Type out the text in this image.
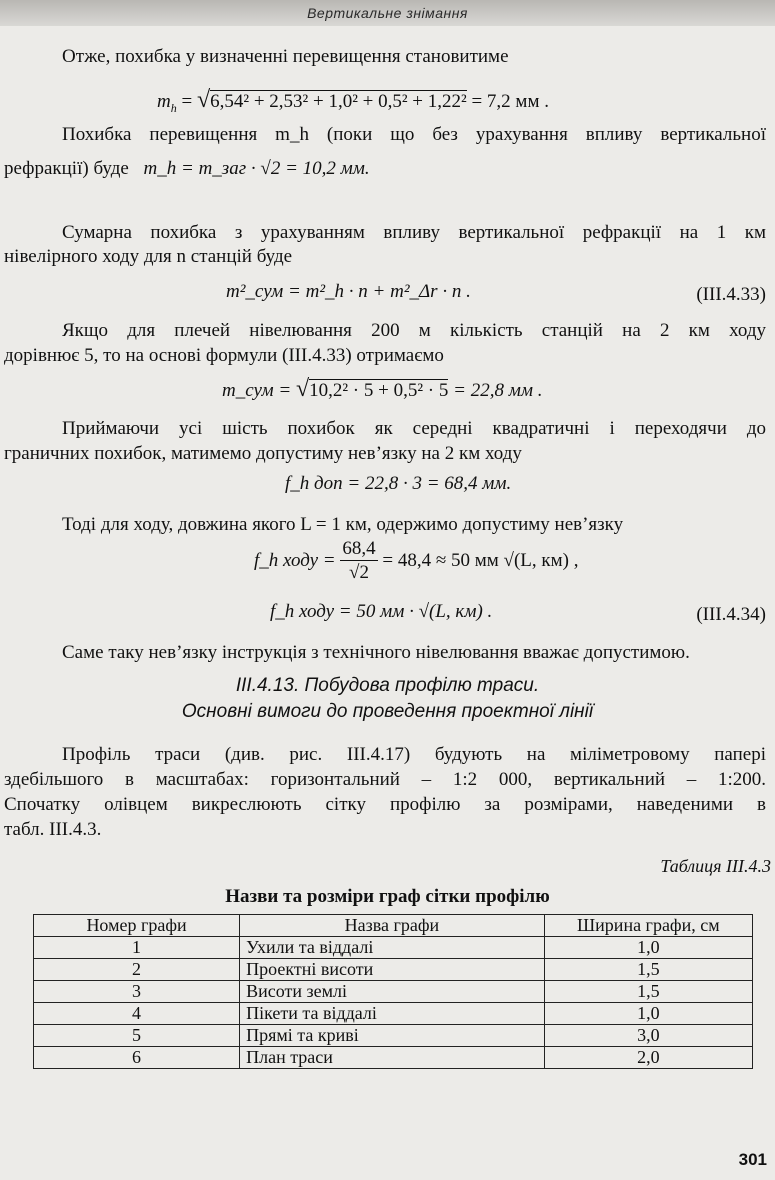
Вертикальне знімання
Отже, похибка у визначенні перевищення становитиме
$m_h = √6,54^2 + 2,53^2 + 1,0^2 + 0,5^2 + 1,22^2 = 7,2$ мм .
Похибка перевищення m_h (поки що без урахування впливу вертикальної
рефракції) буде m_h = m_заг · √2 = 10,2 мм.
Сумарна похибка з урахуванням впливу вертикальної рефракції на 1 км
нівелірного ходу для n станцій буде
m²_сум = m²_h · n + m²_Δr · n .	(III.4.33)
Якщо для плечей нівелювання 200 м кількість станцій на 2 км ходу
дорівнює 5, то на основі формули (III.4.33) отримаємо
m_сум = √10,2² · 5 + 0,5² · 5 = 22,8 мм .
Приймаючи усі шість похибок як середні квадратичні і переходячи до
граничних похибок, матимемо допустиму нев’язку на 2 км ходу
f_h доп = 22,8 · 3 = 68,4 мм.
Тоді для ходу, довжина якого L = 1 км, одержимо допустиму нев’язку
f_h ходу = $\frac{68,4}{√2} = 48,4 \approx 50$ мм √(L, км) ,
f_h ходу = 50 мм · √(L, км) .	(III.4.34)
Саме таку нев’язку інструкція з технічного нівелювання вважає допустимою.
III.4.13. Побудова профілю траси.
Основні вимоги до проведення проектної лінії
Профіль траси (див. рис. III.4.17) будують на міліметровому папері
здебільшого в масштабах: горизонтальний – 1:2 000, вертикальний – 1:200.
Спочатку олівцем викреслюють сітку профілю за розмірами, наведеними в
табл. III.4.3.
Таблиця III.4.3
Назви та розміри граф сітки профілю
Номер графи	Назва графи	Ширина графи, см
1	Ухили та віддалі	1,0
2	Проектні висоти	1,5
3	Висоти землі	1,5
4	Пікети та віддалі	1,0
5	Прямі та криві	3,0
6	План траси	2,0
301
